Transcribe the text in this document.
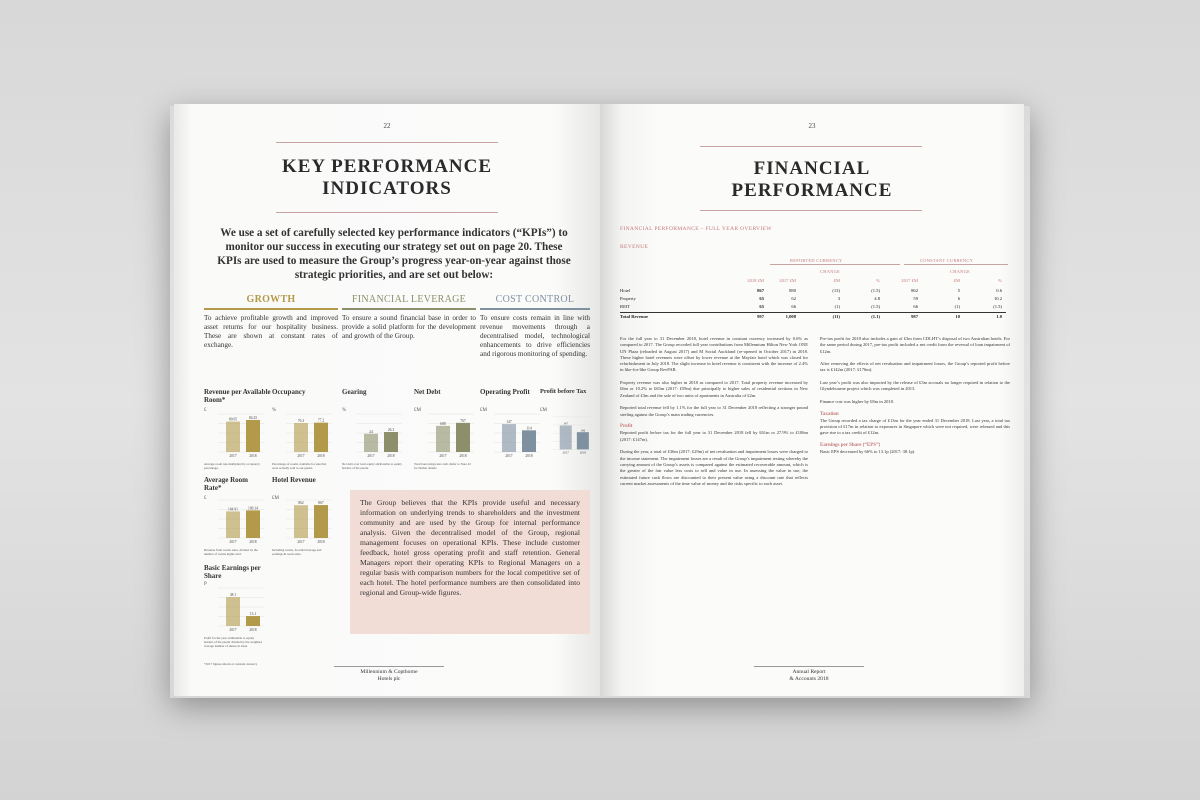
22
KEY PERFORMANCE
INDICATORS
We use a set of carefully selected key performance indicators (“KPIs”) to monitor our success in executing our strategy set out on page 20. These KPIs are used to measure the Group’s progress year-on-year against those strategic priorities, and are set out below:
GROWTH
To achieve profitable growth and improved asset returns for our hospitality business. These are shown at constant rates of exchange.
FINANCIAL LEVERAGE
To ensure a sound financial base in order to provide a solid platform for the development and growth of the Group.
COST CONTROL
To ensure costs remain in line with revenue movements through a decentralised model, technological enhancements to drive efficiencies and rigorous monitoring of spending.
Revenue per Available Room*
£
Occupancy
%
Gearing
%
Net Debt
£M
Operating Profit
£M
Profit before Tax
£M
80.05
2017
84.25
2018
76.3
2017
77.2
2018
24
2017
26.3
2018
688
2017
767
2018
147
2017
114
2018
147
2017
106
2018
Average room rate multiplied by occupancy percentage.
Percentage of rooms available for sale that were actually sold to our guests.
Net debt over total equity attributable to equity holders of the parent.
Total borrowings less cash. Refer to Note 22 for further details.
Average Room Rate*
£
Hotel Revenue
£M
104.91
2017
109.14
2018
862
2017
867
2018
Revenue from rooms sales, divided by the number of rooms nights sold.
Including rooms, food & beverage and earnings & room sales.
Basic Earnings per Share
P
38.1
2017
13.1
2018
Profit for the year attributable to equity holders of the parent divided by the weighted average number of shares in issue.
The Group believes that the KPIs provide useful and necessary information on underlying trends to shareholders and the investment community and are used by the Group for internal performance analysis. Given the decentralised model of the Group, regional management focuses on operational KPIs. These include customer feedback, hotel gross operating profit and staff retention. General Managers report their operating KPIs to Regional Managers on a regular basis with comparison numbers for the local competitive set of each hotel. The hotel performance numbers are then consolidated into regional and Group-wide figures.
*2017 figures shown at constant currency
Millennium & Copthorne
Hotels plc
23
FINANCIAL
PERFORMANCE
FINANCIAL PERFORMANCE – FULL YEAR OVERVIEW
REVENUE
REPORTED CURRENCY	CONSTANT CURRENCY
CHANGE	CHANGE
2018 £M	2017 £M	£M	%	2017 £M	£M	%
Hotel	867	880	(13)	(1.5)	862	5	0.6
Property	65	62	3	4.8	59	6	10.2
REIT	65	66	(1)	(1.5)	66	(1)	(1.5)
Total Revenue	997	1,008	(11)	(1.1)	987	10	1.0

For the full year to 31 December 2018, hotel revenue in constant currency increased by 0.6% as compared to 2017. The Group recorded full year contributions from Millennium Hilton New York ONE UN Plaza (reloaded in August 2017) and M Social Auckland (re-opened in October 2017) in 2018. These higher hotel revenues were offset by lower revenue at the Mayfair hotel which was closed for refurbishment in July 2018. The slight increase in hotel revenue is consistent with the increase of 2.4% in like-for-like Group RevPAR.

Property revenue was also higher in 2018 as compared to 2017. Total property revenue increased by £6m or 10.2% to £65m (2017: £59m) due principally to higher sales of residential sections in New Zealand of £3m and the sale of two units of apartments in Australia of £2m.

Reported total revenue fell by 1.1% for the full year to 31 December 2018 reflecting a stronger pound sterling against the Group’s main trading currencies.

Profit

Reported profit before tax for the full year to 31 December 2018 fell by £61m or 27.9% to £106m (2017: £147m).

During the year, a total of £36m (2017: £29m) of net revaluation and impairment losses were charged to the income statement. The impairment losses are a result of the Group’s impairment testing whereby the carrying amount of the Group’s assets is compared against the estimated recoverable amount, which is the greater of the fair value less costs to sell and value in use. In assessing the value in use, the estimated future cash flows are discounted to their present value using a discount rate that reflects current market assessments of the time value of money and the risks specific to each asset.

Pre-tax profit for 2018 also includes a gain of £3m from CDLHT’s disposal of two Australian hotels. For the same period during 2017, pre-tax profit included a net credit from the reversal of loan impairment of £12m.

After removing the effects of net revaluation and impairment losses, the Group’s reported profit before tax is £142m (2017: £176m).

Last year’s profit was also impacted by the release of £3m accruals no longer required in relation to the Glyndebourne project which was completed in 2013.

Finance cost was higher by £8m in 2018.

Taxation

The Group recorded a tax charge of £13m for the year ended 31 December 2018. Last year, a total tax provision of £17m in relation to exposures in Singapore which were not required, were released and this gave rise to a tax credit of £12m.

Earnings per Share (“EPS”)

Basic EPS decreased by 66% to 13.1p (2017: 38.1p).

Annual Report
& Accounts 2018
